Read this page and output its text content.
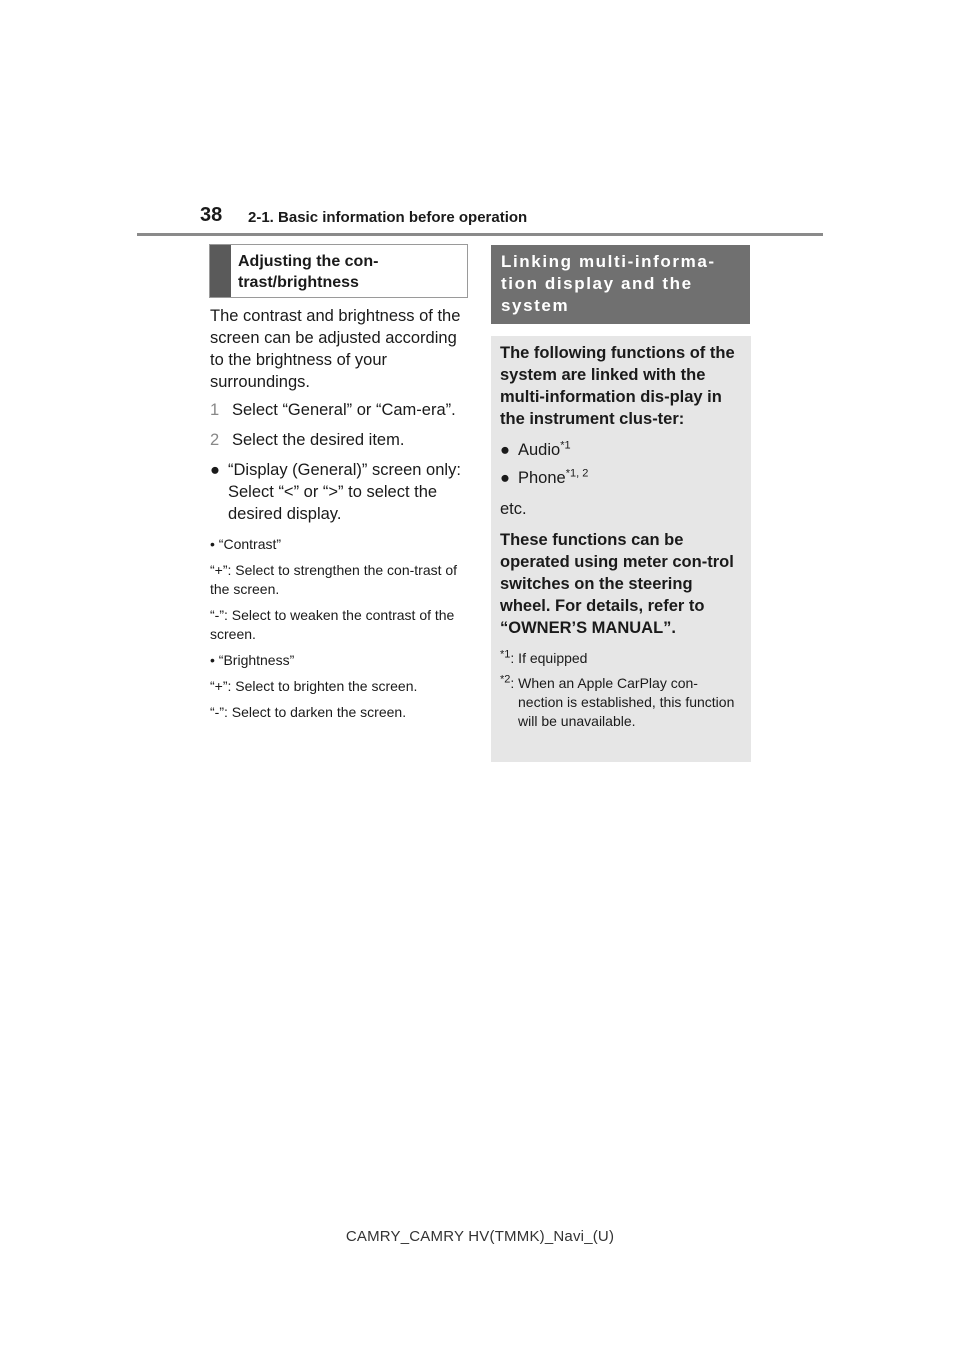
38 2-1. Basic information before operation
Adjusting the con-
trast/brightness

The contrast and brightness of the screen can be adjusted according to the brightness of your surroundings.

1 Select “General” or “Cam-era”.
2 Select the desired item.
● “Display (General)” screen only: Select “<” or “>” to select the desired display.

• “Contrast”

“+”: Select to strengthen the con-trast of the screen.

“-”: Select to weaken the contrast of the screen.

• “Brightness”

“+”: Select to brighten the screen.

“-”: Select to darken the screen.

Linking multi-informa-
tion display and the
system

The following functions of the system are linked with the multi-information dis-play in the instrument clus-ter:

● Audio$^{*1}$
● Phone$^{*1, 2}$

etc.

These functions can be operated using meter con-trol switches on the steering wheel. For details, refer to “OWNER’S MANUAL”.

$^{*1}$: If equipped

$^{*2}$: When an Apple CarPlay con-

nection is established, this function will be unavailable.

CAMRY_CAMRY HV(TMMK)_Navi_(U)
